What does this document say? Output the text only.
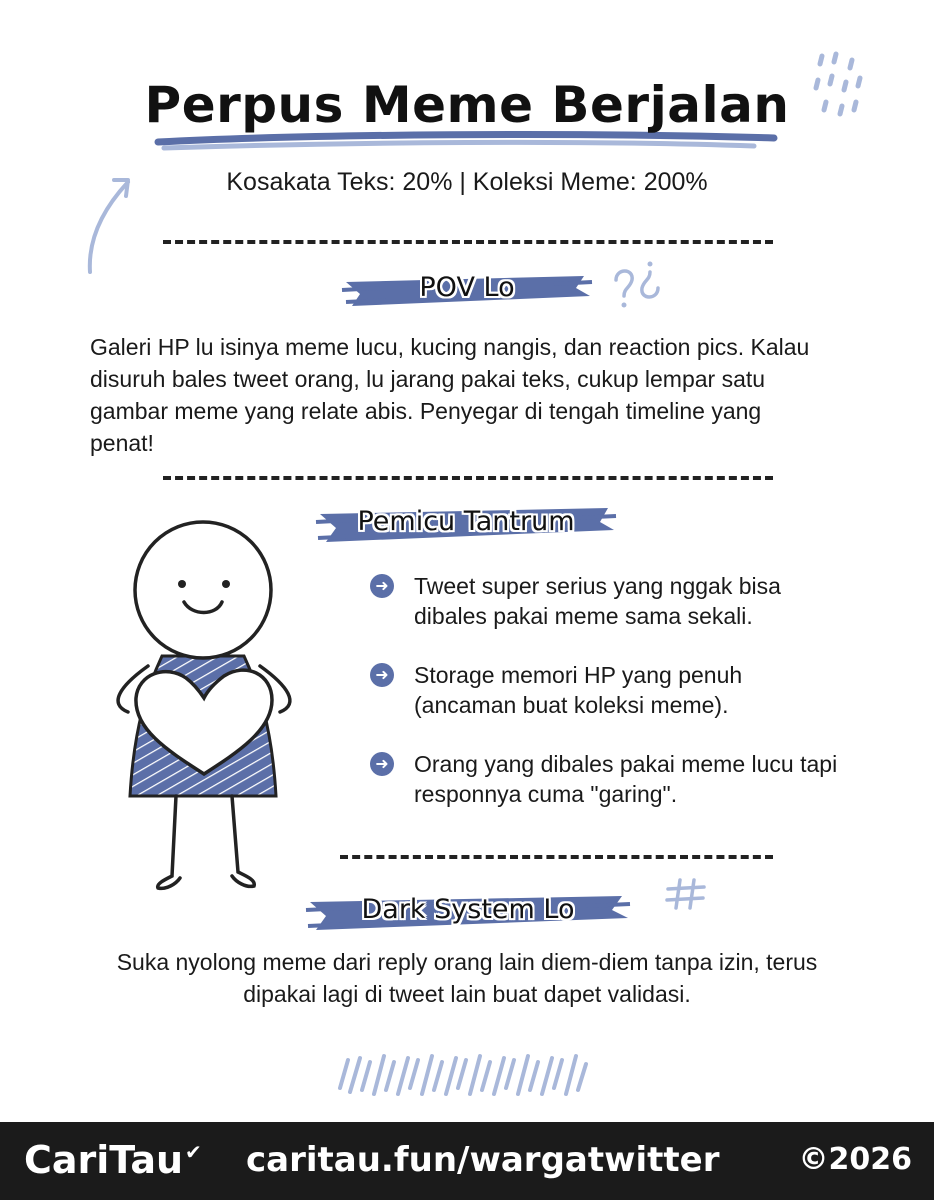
Perpus Meme Berjalan
Kosakata Teks: 20% | Koleksi Meme: 200%
POV Lo
Galeri HP lu isinya meme lucu, kucing nangis, dan reaction pics. Kalau disuruh bales tweet orang, lu jarang pakai teks, cukup lempar satu gambar meme yang relate abis. Penyegar di tengah timeline yang penat!
Pemicu Tantrum
➜ Tweet super serius yang nggak bisa dibales pakai meme sama sekali.
➜ Storage memori HP yang penuh (ancaman buat koleksi meme).
➜ Orang yang dibales pakai meme lucu tapi responnya cuma "garing".
Dark System Lo
Suka nyolong meme dari reply orang lain diem-diem tanpa izin, terus dipakai lagi di tweet lain buat dapet validasi.
CariTau ✔ caritau.fun/wargatwitter	©2026
